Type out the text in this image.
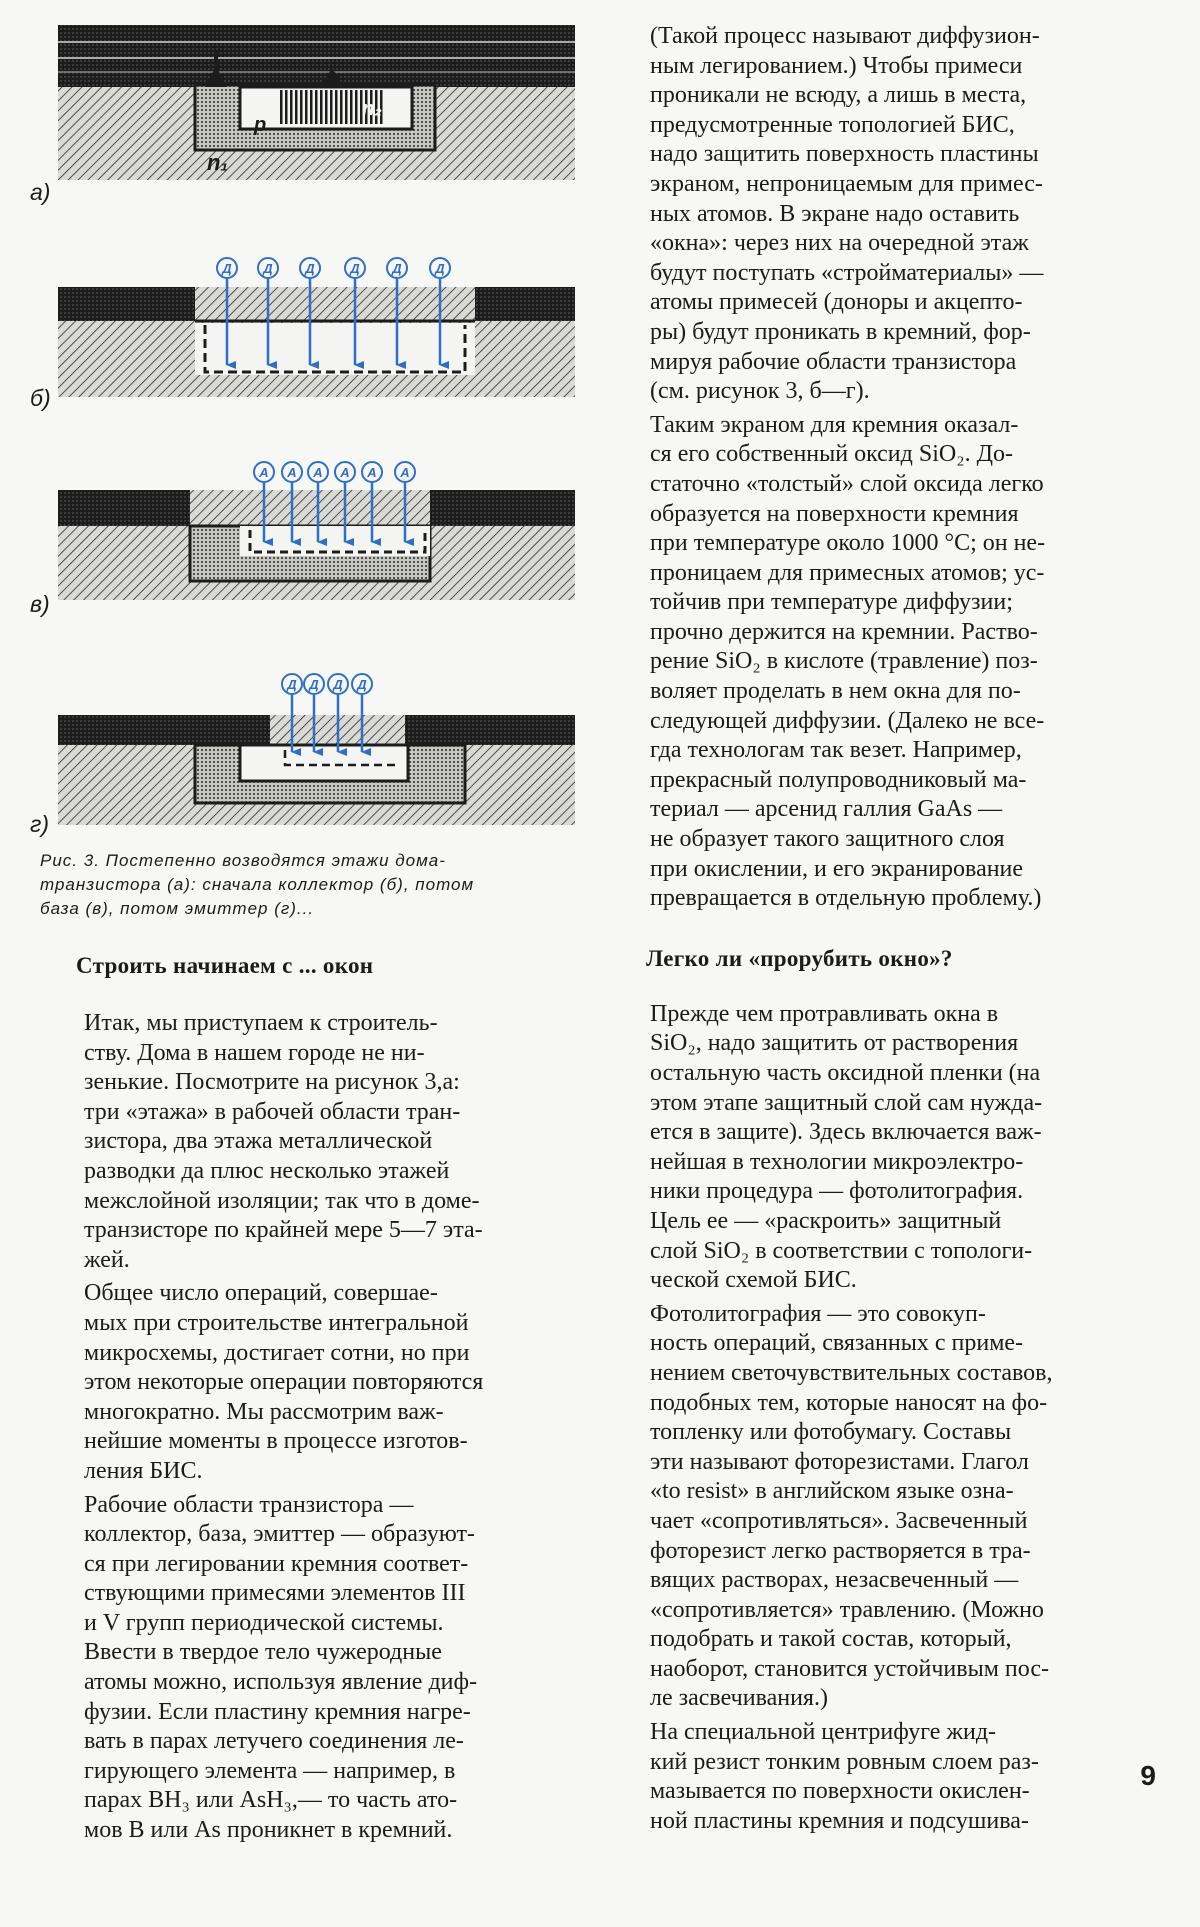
p
n₂
n₁
Д Д	Д	Д	Д	Д
А А А А А А
Д Д Д Д
а)
б)
в)
г)
Рис. 3. Постепенно возводятся этажи дома-
транзистора (а): сначала коллектор (б), потом
база (в), потом эмиттер (г)...
Строить начинаем с ... окон
Итак, мы приступаем к строитель-
ству. Дома в нашем городе не ни-
зенькие. Посмотрите на рисунок 3,а:
три «этажа» в рабочей области тран-
зистора, два этажа металлической
разводки да плюс несколько этажей
межслойной изоляции; так что в доме-
транзисторе по крайней мере 5—7 эта-
жей.
Общее число операций, совершае-
мых при строительстве интегральной
микросхемы, достигает сотни, но при
этом некоторые операции повторяются
многократно. Мы рассмотрим важ-
нейшие моменты в процессе изготов-
ления БИС.
Рабочие области транзистора —
коллектор, база, эмиттер — образуют-
ся при легировании кремния соответ-
ствующими примесями элементов III
и V групп периодической системы.
Ввести в твердое тело чужеродные
атомы можно, используя явление диф-
фузии. Если пластину кремния нагре-
вать в парах летучего соединения ле-
гирующего элемента — например, в
парах BH₃ или AsH₃,— то часть ато-
мов B или As проникнет в кремний.
(Такой процесс называют диффузион-
ным легированием.) Чтобы примеси
проникали не всюду, а лишь в места,
предусмотренные топологией БИС,
надо защитить поверхность пластины
экраном, непроницаемым для примес-
ных атомов. В экране надо оставить
«окна»: через них на очередной этаж
будут поступать «стройматериалы» —
атомы примесей (доноры и акцепто-
ры) будут проникать в кремний, фор-
мируя рабочие области транзистора
(см. рисунок 3, б—г).
Таким экраном для кремния оказал-
ся его собственный оксид SiO₂. До-
статочно «толстый» слой оксида легко
образуется на поверхности кремния
при температуре около 1000 °С; он не-
проницаем для примесных атомов; ус-
тойчив при температуре диффузии;
прочно держится на кремнии. Раство-
рение SiO₂ в кислоте (травление) поз-
воляет проделать в нем окна для по-
следующей диффузии. (Далеко не все-
гда технологам так везет. Например,
прекрасный полупроводниковый ма-
териал — арсенид галлия GaAs —
не образует такого защитного слоя
при окислении, и его экранирование
превращается в отдельную проблему.)
Легко ли «прорубить окно»?
Прежде чем протравливать окна в
SiO₂, надо защитить от растворения
остальную часть оксидной пленки (на
этом этапе защитный слой сам нужда-
ется в защите). Здесь включается важ-
нейшая в технологии микроэлектро-
ники процедура — фотолитография.
Цель ее — «раскроить» защитный
слой SiO₂ в соответствии с топологи-
ческой схемой БИС.
Фотолитография — это совокуп-
ность операций, связанных с приме-
нением светочувствительных составов,
подобных тем, которые наносят на фо-
топленку или фотобумагу. Составы
эти называют фоторезистами. Глагол
«to resist» в английском языке озна-
чает «сопротивляться». Засвеченный
фоторезист легко растворяется в тра-
вящих растворах, незасвеченный —
«сопротивляется» травлению. (Можно
подобрать и такой состав, который,
наоборот, становится устойчивым пос-
ле засвечивания.)
На специальной центрифуге жид-
кий резист тонким ровным слоем раз-
мазывается по поверхности окислен-
ной пластины кремния и подсушива-
9
